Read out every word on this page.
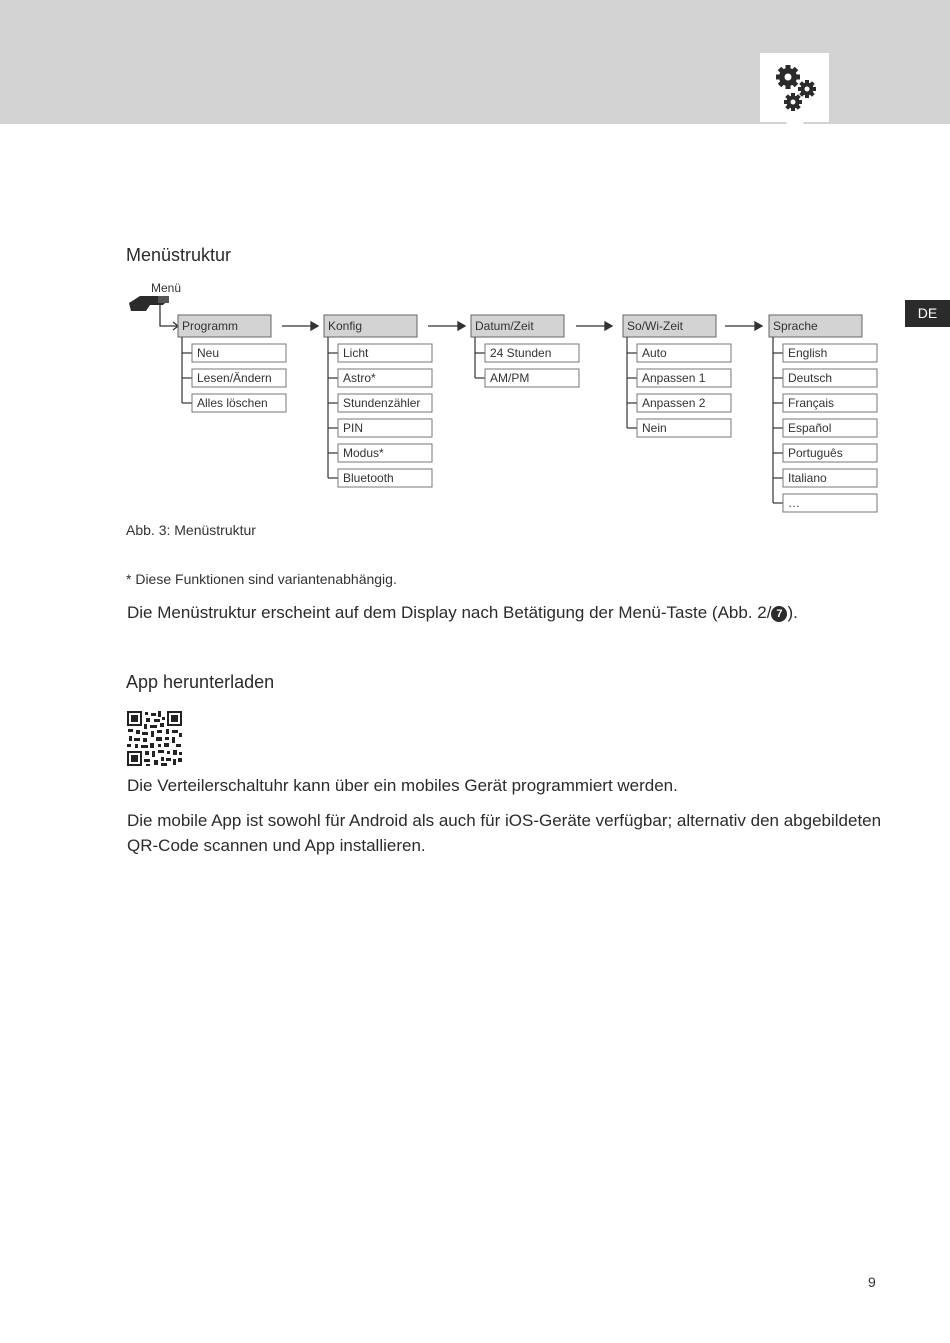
DE
Menüstruktur
Menü
Programm
Neu
Lesen/Ändern
Alles löschen
Konfig
Licht
Astro*
Stundenzähler
PIN
Modus*
Bluetooth
Datum/Zeit
24 Stunden
AM/PM
So/Wi-Zeit
Auto
Anpassen 1
Anpassen 2
Nein
Sprache
English
Deutsch
Français
Español
Português
Italiano
…
Abb. 3: Menüstruktur
* Diese Funktionen sind variantenabhängig.
Die Menüstruktur erscheint auf dem Display nach Betätigung der Menü-Taste (Abb. 2/ 7 ).
App herunterladen
Die Verteilerschaltuhr kann über ein mobiles Gerät programmiert werden.
Die mobile App ist sowohl für Android als auch für iOS-Geräte verfügbar; alternativ den abgebildeten
QR-Code scannen und App installieren.
9
